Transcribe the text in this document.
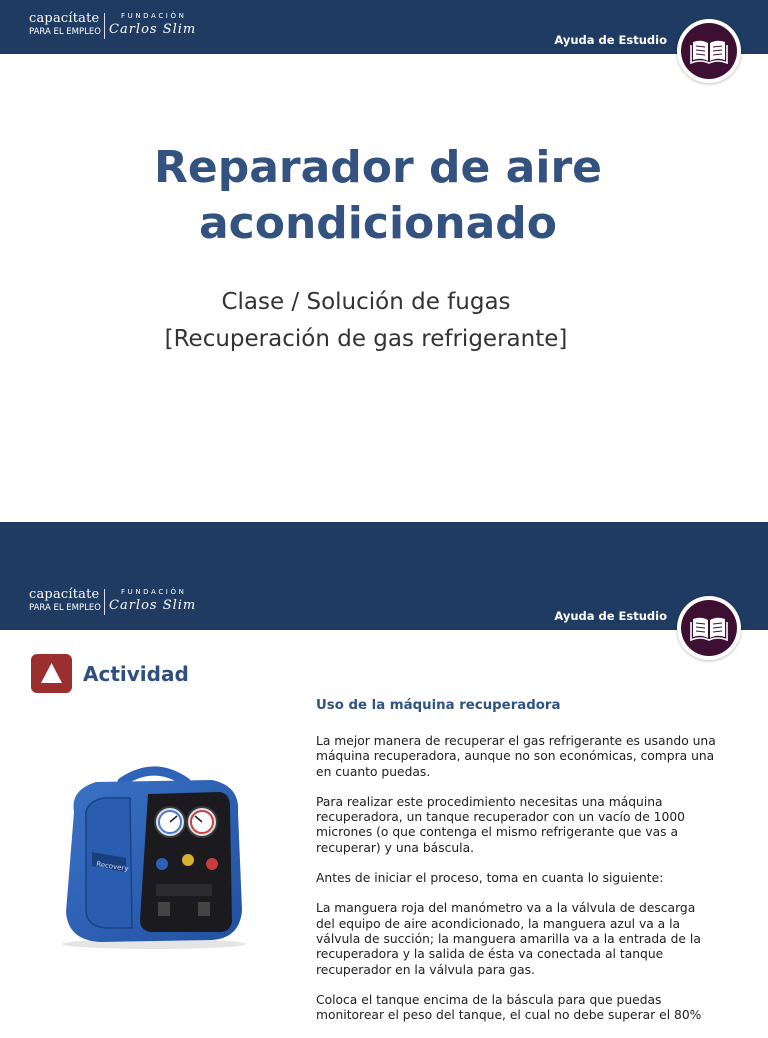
capacítate
PARA EL EMPLEO
FUNDACIÓN
Carlos Slim
Ayuda de Estudio
Reparador de aire
acondicionado
Clase / Solución de fugas
[Recuperación de gas refrigerante]
capacítate
PARA EL EMPLEO
FUNDACIÓN
Carlos Slim
Ayuda de Estudio
Actividad
Recovery
Uso de la máquina recuperadora

La mejor manera de recuperar el gas refrigerante es usando una máquina recuperadora, aunque no son económicas, compra una en cuanto puedas.

Para realizar este procedimiento necesitas una máquina recuperadora, un tanque recuperador con un vacío de 1000 micrones (o que contenga el mismo refrigerante que vas a recuperar) y una báscula.

Antes de iniciar el proceso, toma en cuanta lo siguiente:

La manguera roja del manómetro va a la válvula de descarga del equipo de aire acondicionado, la manguera azul va a la válvula de succión; la manguera amarilla va a la entrada de la recuperadora y la salida de ésta va conectada al tanque recuperador en la válvula para gas.

Coloca el tanque encima de la báscula para que puedas monitorear el peso del tanque, el cual no debe superar el 80%
